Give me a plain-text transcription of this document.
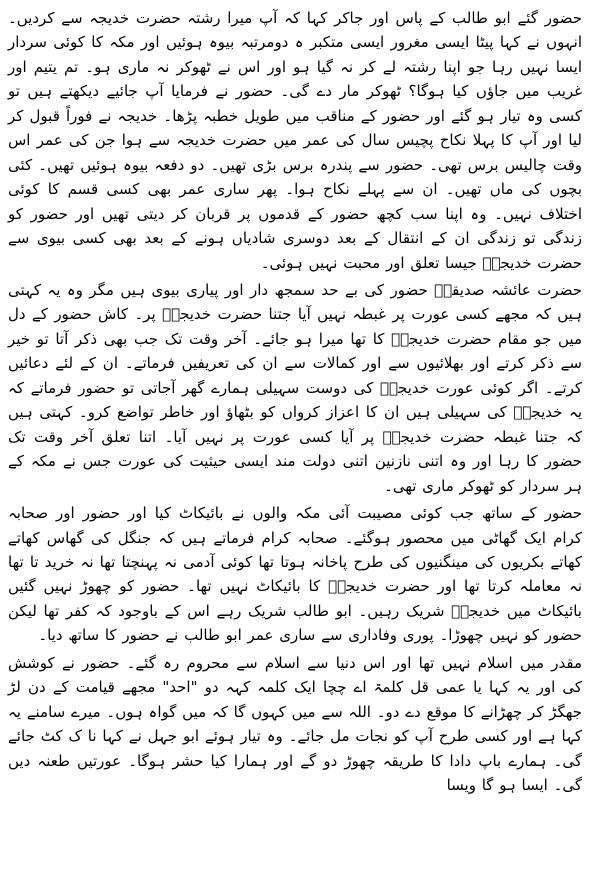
حضور گئے ابو طالب کے پاس اور جاکر کہا کہ آپ میرا رشتہ حضرت خدیجہ سے کردیں۔ انہوں نے کہا پیٹا ایسی مغرور ایسی متکبر ہ دومرتبہ بیوہ ہوئیں اور مکہ کا کوئی سردار ایسا نہیں رہا جو اپنا رشتہ لے کر نہ گیا ہو اور اس نے ٹھوکر نہ ماری ہو۔ تم یتیم اور غریب میں جاؤں کیا ہوگا؟ ٹھوکر مار دے گی۔ حضور نے فرمایا آپ جائیے دیکھتے ہیں تو کسی وہ تیار ہو گئے اور حضور کے مناقب میں طویل خطبہ پڑھا۔ خدیجہ نے فوراً قبول کر لیا اور آپ کا پہلا نکاح پچیس سال کی عمر میں حضرت خدیجہ سے ہوا جن کی عمر اس وقت چالیس برس تھی۔ حضور سے پندرہ برس بڑی تھیں۔ دو دفعہ بیوہ ہوئیں تھیں۔ کئی بچوں کی ماں تھیں۔ ان سے پہلے نکاح ہوا۔ پھر ساری عمر بھی کسی قسم کا کوئی اختلاف نہیں۔ وہ اپنا سب کچھ حضور کے قدموں پر قربان کر دیتی تھیں اور حضور کو زندگی تو زندگی ان کے انتقال کے بعد دوسری شادیاں ہونے کے بعد بھی کسی بیوی سے حضرت خدیجہؓ جیسا تعلق اور محبت نہیں ہوئی۔

حضرت عائشہ صدیقہؓ حضور کی بے حد سمجھ دار اور پیاری بیوی ہیں مگر وہ یہ کہتی ہیں کہ مجھے کسی عورت پر غبطہ نہیں آیا جتنا حضرت خدیجہؓ پر۔ کاش حضور کے دل میں جو مقام حضرت خدیجہؓ کا تھا میرا ہو جائے۔ آخر وقت تک جب بھی ذکر آتا تو خیر سے ذکر کرتے اور بھلائیوں سے اور کمالات سے ان کی تعریفیں فرماتے۔ ان کے لئے دعائیں کرتے۔ اگر کوئی عورت خدیجہؓ کی دوست سہیلی ہمارے گھر آجاتی تو حضور فرماتے کہ یہ خدیجہؓ کی سہیلی ہیں ان کا اعزاز کرواں کو بٹھاؤ اور خاطر تواضع کرو۔ کہتی ہیں کہ جتنا غبطہ حضرت خدیجہؓ پر آیا کسی عورت پر نہیں آیا۔ اتنا تعلق آخر وقت تک حضور کا رہا اور وہ اتنی نازنین اتنی دولت مند ایسی حیثیت کی عورت جس نے مکہ کے ہر سردار کو ٹھوکر ماری تھی۔

حضور کے ساتھ جب کوئی مصیبت آئی مکہ والوں نے بائیکاٹ کیا اور حضور اور صحابہ کرام ایک گھاٹی میں محصور ہوگئے۔ صحابہ کرام فرماتے ہیں کہ جنگل کی گھاس کھاتے کھاتے بکریوں کی مینگنیوں کی طرح پاخانہ ہوتا تھا کوئی آدمی نہ پہنچتا تھا نہ خرید تا تھا نہ معاملہ کرتا تھا اور حضرت خدیجہؓ کا بائیکاٹ نہیں تھا۔ حضور کو چھوڑ نہیں گئیں بائیکاٹ میں خدیجہؓ شریک رہیں۔ ابو طالب شریک رہے اس کے باوجود کہ کفر تھا لیکن حضور کو نہیں چھوڑا۔ پوری وفاداری سے ساری عمر ابو طالب نے حضور کا ساتھ دیا۔

مقدر میں اسلام نہیں تھا اور اس دنیا سے اسلام سے محروم رہ گئے۔ حضور نے کوشش کی اور یہ کہا یا عمی قل کلمۃ اے چچا ایک کلمہ کہہ دو "احد" مجھے قیامت کے دن لڑ جھگڑ کر چھڑانے کا موقع دے دو۔ اللہ سے میں کہوں گا کہ میں گواہ ہوں۔ میرے سامنے یہ کہا ہے اور کسی طرح آپ کو نجات مل جائے۔ وہ تیار ہوئے ابو جہل نے کہا نا ک کٹ جائے گی۔ ہمارے باپ دادا کا طریقہ چھوڑ دو گے اور ہمارا کیا حشر ہوگا۔ عورتیں طعنہ دیں گی۔ ایسا ہو گا ویسا
